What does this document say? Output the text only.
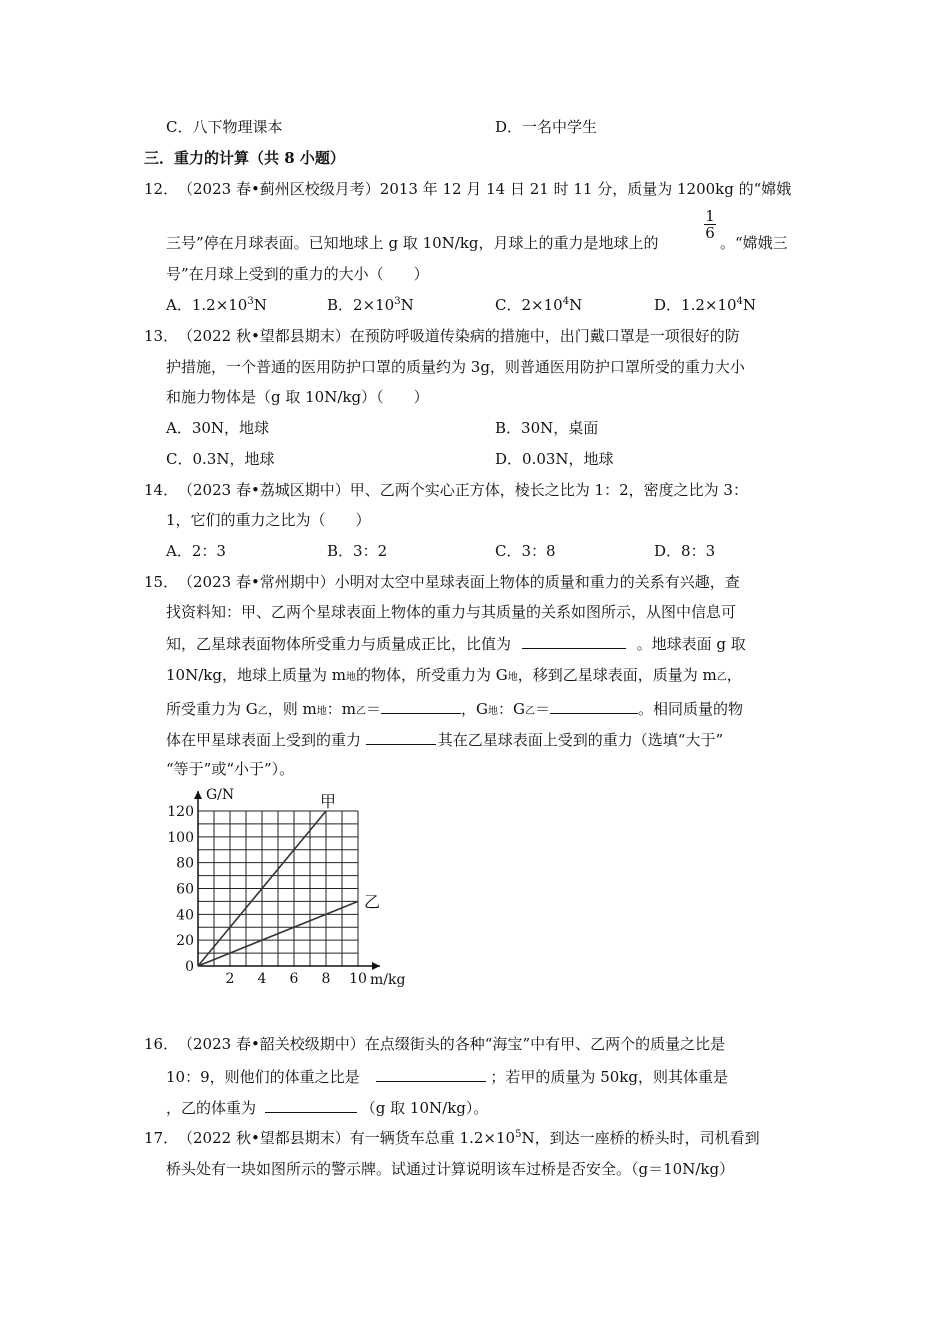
C．八下物理课本	D．一名中学生
三．重力的计算（共 8 小题）
12． （2023 春•蓟州区校级月考）2013 年 12 月 14 日 21 时 11 分，质量为 1200kg 的“嫦娥
三号”停在月球表面。已知地球上 g 取 10N/kg，月球上的重力是地球上的
1
6
。“嫦娥三
号”在月球上受到的重力的大小（　　）
A．$1.2\times 10^3N$	B．$2\times 10^3N$	C．$2\times 10^4N$	D．$1.2\times 10^4N$
13． （2022 秋•望都县期末）在预防呼吸道传染病的措施中，出门戴口罩是一项很好的防
护措施，一个普通的医用防护口罩的质量约为 3g，则普通医用防护口罩所受的重力大小
和施力物体是（g 取 10N/kg）（　　）
A．30N，地球	B．30N，桌面
C．0.3N，地球	D．0.03N，地球
14． （2023 春•荔城区期中）甲、乙两个实心正方体，棱长之比为 1：2，密度之比为 3：
1，它们的重力之比为（　　）
A．2：3	B．3：2	C．3：8	D．8：3
15． （2023 春•常州期中）小明对太空中星球表面上物体的质量和重力的关系有兴趣，查
找资料知：甲、乙两个星球表面上物体的重力与其质量的关系如图所示，从图中信息可
知，乙星球表面物体所受重力与质量成正比，比值为	。地球表面 g 取
10N/kg，地球上质量为 m地的物体，所受重力为 G地，移到乙星球表面，质量为 m乙，
所受重力为 G乙，则 m地：m乙＝	，G地：G乙＝	。相同质量的物
体在甲星球表面上受到的重力	其在乙星球表面上受到的重力（选填“大于”
“等于”或“小于”）。
甲
乙
0
20
40
60
80
100
120
2 4 6 8 10
G/N
m/kg
16． （2023 春•韶关校级期中）在点缀街头的各种“海宝”中有甲、乙两个的质量之比是
10：9，则他们的体重之比是	；若甲的质量为 50kg，则其体重是
，乙的体重为	（g 取 10N/kg）。
17． （2022 秋•望都县期末）有一辆货车总重 $1.2\times 10^5N$，到达一座桥的桥头时，司机看到
桥头处有一块如图所示的警示牌。试通过计算说明该车过桥是否安全。（g＝10N/kg）
